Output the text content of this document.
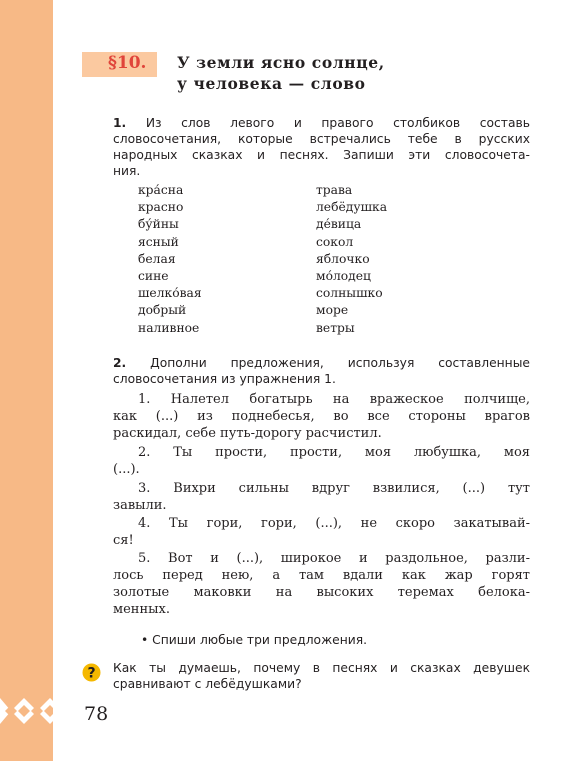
§10. У земли ясно солнце,
у человека — слово
1. Из слов левого и правого столбиков составь
словосочетания, которые встречались тебе в русских
народных сказках и песнях. Запиши эти словосочета-
ния.
кра́сна
красно
бу́йны
ясный
белая
сине
шелко́вая
добрый
наливное
трава
лебёдушка
де́вица
сокол
яблочко
мо́лодец
солнышко
море
ветры
2. Дополни предложения, используя составленные
словосочетания из упражнения 1.
1. Налетел богатырь на вражеское полчище,
как (...) из поднебесья, во все стороны врагов
раскидал, себе путь-дорогу расчистил.
2. Ты прости, прости, моя любушка, моя
(...).
3. Вихри сильны вдруг взвилися, (...) тут
завыли.
4. Ты гори, гори, (...), не скоро закатывай-
ся!
5. Вот и (...), широкое и раздольное, разли-
лось перед нею, а там вдали как жар горят
золотые маковки на высоких теремах белока-
менных.
• Спиши любые три предложения.
? Как ты думаешь, почему в песнях и сказках девушек
сравнивают с лебёдушками?
78
